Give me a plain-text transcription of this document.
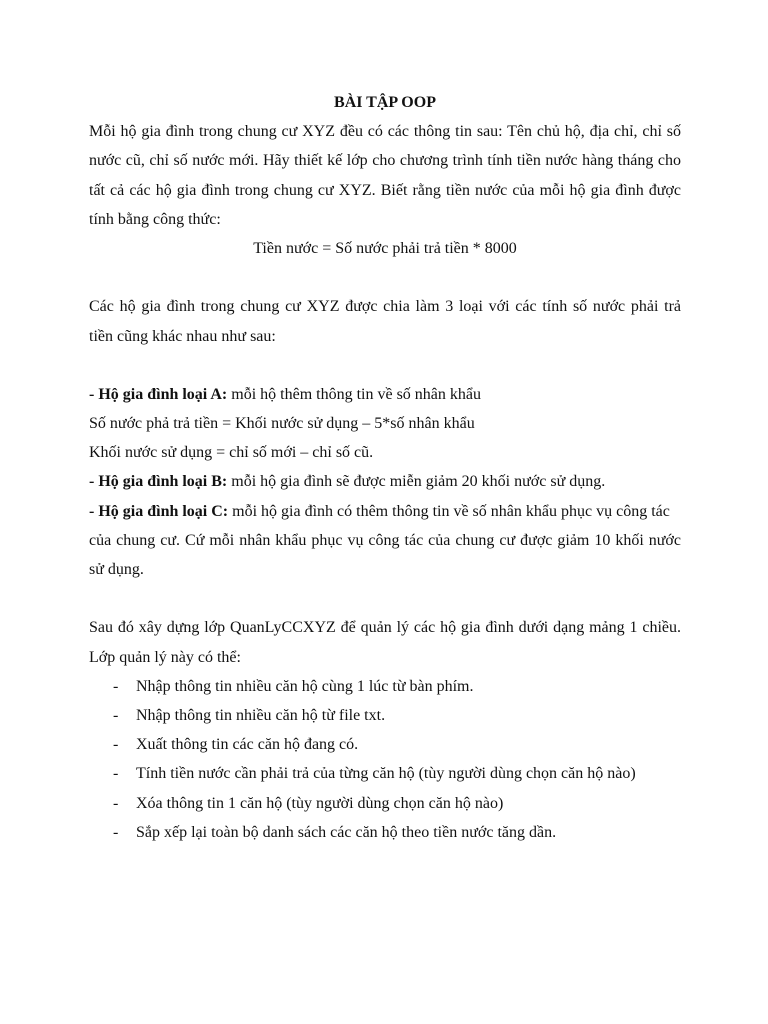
BÀI TẬP OOP
Mỗi hộ gia đình trong chung cư XYZ đều có các thông tin sau: Tên chủ hộ, địa chỉ, chỉ số
nước cũ, chỉ số nước mới. Hãy thiết kế lớp cho chương trình tính tiền nước hàng tháng cho
tất cả các hộ gia đình trong chung cư XYZ. Biết rằng tiền nước của mỗi hộ gia đình được
tính bằng công thức:
Tiền nước = Số nước phải trả tiền * 8000
Các hộ gia đình trong chung cư XYZ được chia làm 3 loại với các tính số nước phải trả
tiền cũng khác nhau như sau:
- Hộ gia đình loại A: mỗi hộ thêm thông tin về số nhân khẩu
Số nước phả trả tiền = Khối nước sử dụng – 5*số nhân khẩu
Khối nước sử dụng = chỉ số mới – chỉ số cũ.
- Hộ gia đình loại B: mỗi hộ gia đình sẽ được miễn giảm 20 khối nước sử dụng.
- Hộ gia đình loại C: mỗi hộ gia đình có thêm thông tin về số nhân khẩu phục vụ công tác
của chung cư. Cứ mỗi nhân khẩu phục vụ công tác của chung cư được giảm 10 khối nước
sử dụng.
Sau đó xây dựng lớp QuanLyCCXYZ để quản lý các hộ gia đình dưới dạng mảng 1 chiều.
Lớp quản lý này có thể:
- Nhập thông tin nhiều căn hộ cùng 1 lúc từ bàn phím.
- Nhập thông tin nhiều căn hộ từ file txt.
- Xuất thông tin các căn hộ đang có.
- Tính tiền nước cần phải trả của từng căn hộ (tùy người dùng chọn căn hộ nào)
- Xóa thông tin 1 căn hộ (tùy người dùng chọn căn hộ nào)
- Sắp xếp lại toàn bộ danh sách các căn hộ theo tiền nước tăng dần.
